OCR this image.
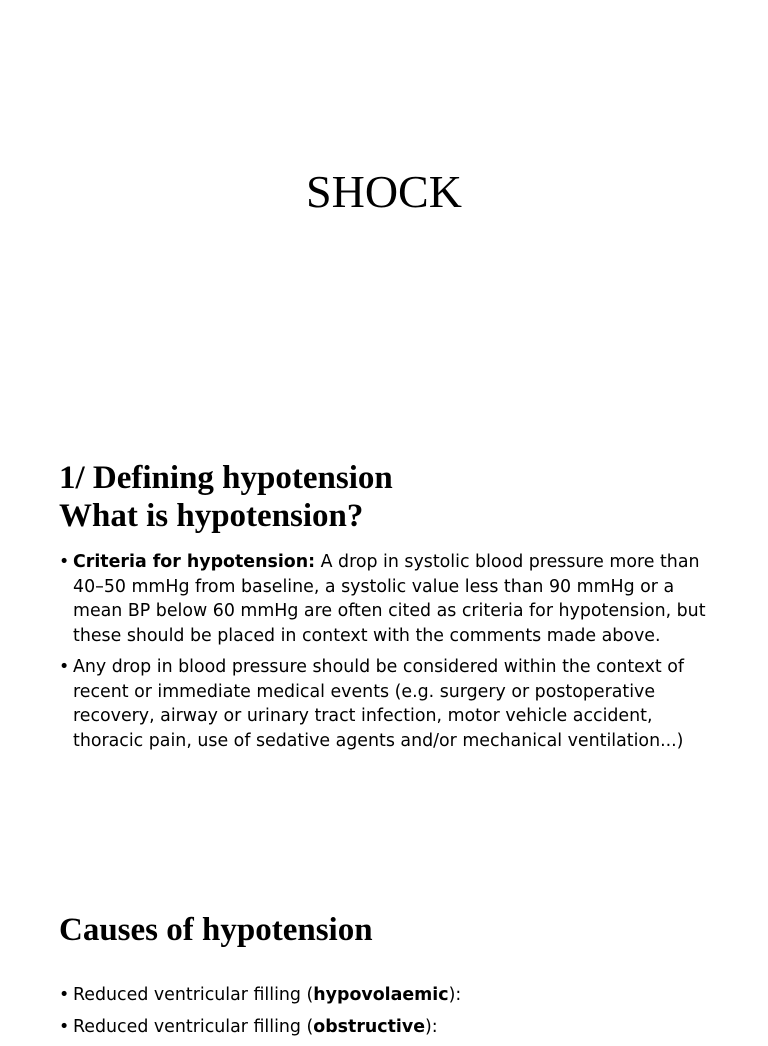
SHOCK
1/ Defining hypotension
What is hypotension?
• Criteria for hypotension: A drop in systolic blood pressure more than 40–50 mmHg from baseline, a systolic value less than 90 mmHg or a mean BP below 60 mmHg are often cited as criteria for hypotension, but these should be placed in context with the comments made above.
• Any drop in blood pressure should be considered within the context of recent or immediate medical events (e.g. surgery or postoperative recovery, airway or urinary tract infection, motor vehicle accident, thoracic pain, use of sedative agents and/or mechanical ventilation...)
Causes of hypotension
• Reduced ventricular filling (hypovolaemic):
• Reduced ventricular filling (obstructive):
